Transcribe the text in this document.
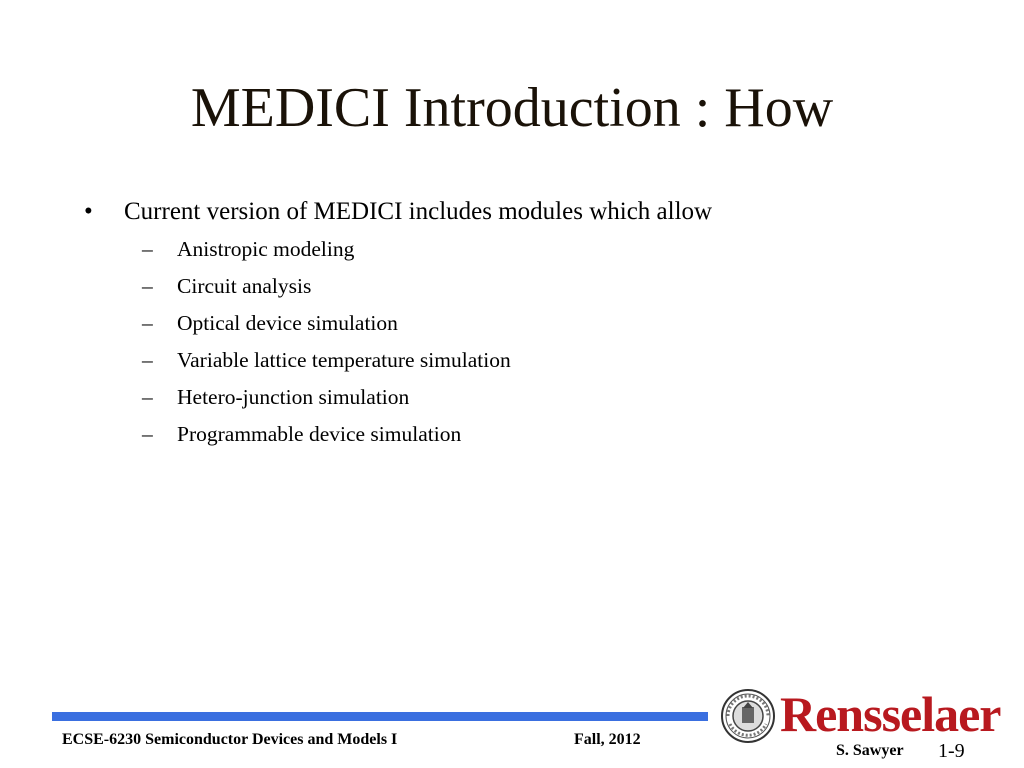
MEDICI Introduction : How
•	Current version of MEDICI includes modules which allow
–	Anistropic modeling
–	Circuit analysis
–	Optical device simulation
–	Variable lattice temperature simulation
–	Hetero-junction simulation
–	Programmable device simulation
ECSE-6230 Semiconductor Devices and Models I	Fall, 2012	Rensselaer
S. Sawyer 1-9
